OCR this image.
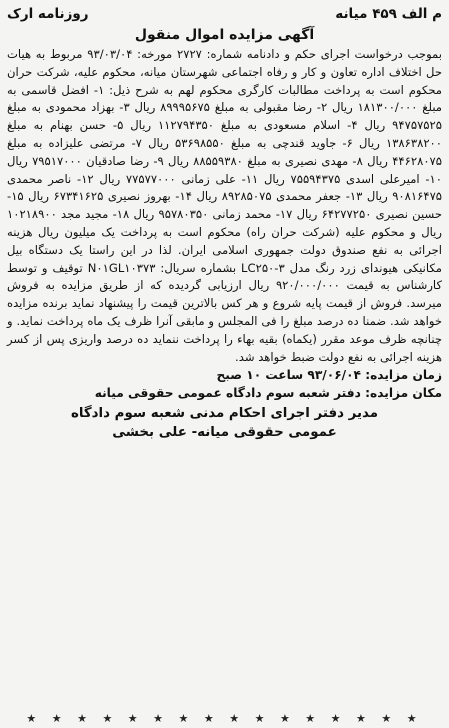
م الف ۴۵۹ میانه
روزنامه ارک
آگهی مزایده اموال منقول

بموجب درخواست اجرای حکم و دادنامه شماره: ۲۷۲۷ مورخه: ۹۳/۰۳/۰۴ مربوط به هیات حل اختلاف اداره تعاون و کار و رفاه اجتماعی شهرستان میانه، محکوم علیه، شرکت حران محکوم است به پرداخت مطالبات کارگری محکوم لهم به شرح ذیل: ۱- افضل قاسمی به مبلغ ۱۸۱۳۰۰/۰۰۰ ریال ۲- رضا مقبولی به مبلغ ۸۹۹۹۵۶۷۵ ریال ۳- بهزاد محمودی به مبلغ ۹۴۷۵۷۵۲۵ ریال ۴- اسلام مسعودی به مبلغ ۱۱۲۷۹۴۳۵۰ ریال ۵- حسن بهنام به مبلغ ۱۳۸۶۳۸۲۰۰ ریال ۶- جاوید قندچی به مبلغ ۵۳۶۹۸۵۵۰ ریال ۷- مرتضی علیزاده به مبلغ ۴۴۶۲۸۰۷۵ ریال ۸- مهدی نصیری به مبلغ ۸۸۵۵۹۳۸۰ ریال ۹- رضا صادقیان ۷۹۵۱۷۰۰۰ ریال ۱۰- امیرعلی اسدی ۷۵۵۹۴۳۷۵ ریال ۱۱- علی زمانی ۷۷۵۷۷۰۰۰ ریال ۱۲- ناصر محمدی ۹۰۸۱۶۴۷۵ ریال ۱۳- جعفر محمدی ۸۹۲۸۵۰۷۵ ریال ۱۴- بهروز نصیری ۶۷۳۴۱۶۲۵ ریال ۱۵- حسین نصیری ۶۴۲۷۷۲۵۰ ریال ۱۷- محمد زمانی ۹۵۷۸۰۳۵۰ ریال ۱۸- مجید مجد ۱۰۲۱۸۹۰۰ ریال و محکوم علیه (شرکت حران راه) محکوم است به پرداخت یک میلیون ریال هزینه اجرائی به نفع صندوق دولت جمهوری اسلامی ایران. لذا در این راستا یک دستگاه بیل مکانیکی هیوندای زرد رنگ مدل LC۲۵۰-۳ بشماره سریال: N۰۱GL۱۰۳۷۳ توقیف و توسط کارشناس به قیمت ۹۲۰/۰۰۰/۰۰۰ ریال ارزیابی گردیده که از طریق مزایده به فروش میرسد. فروش از قیمت پایه شروع و هر کس بالاترین قیمت را پیشنهاد نماید برنده مزایده خواهد شد. ضمنا ده درصد مبلغ را فی المجلس و مابقی آنرا ظرف یک ماه پرداخت نماید. و چنانچه ظرف موعد مقرر (یکماه) بقیه بهاء را پرداخت ننماید ده درصد واریزی پس از کسر هزینه اجرائی به نفع دولت ضبط خواهد شد.

زمان مزایده: ۹۳/۰۶/۰۴ ساعت ۱۰ صبح

مکان مزایده: دفتر شعبه سوم دادگاه عمومی حقوقی میانه

مدیر دفتر اجرای احکام مدنی شعبه سوم دادگاه
عمومی حقوقی میانه- علی بخشی
★ ★ ★ ★ ★ ★ ★ ★ ★ ★ ★ ★ ★ ★ ★ ★
